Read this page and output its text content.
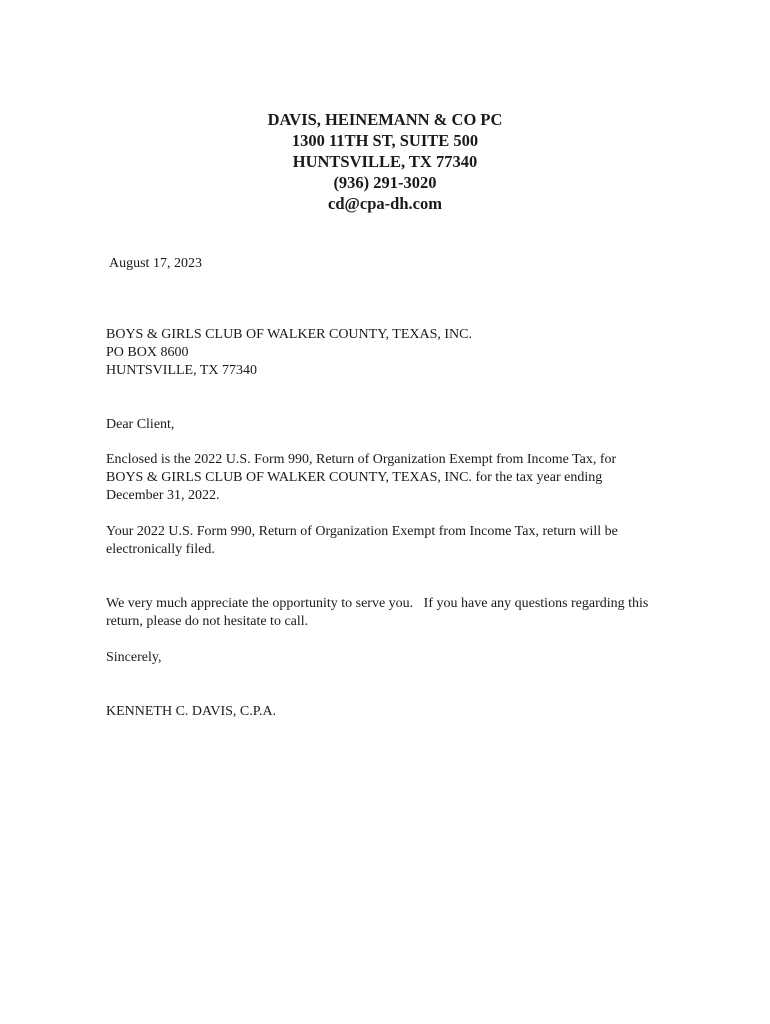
DAVIS, HEINEMANN & CO PC
1300 11TH ST, SUITE 500
HUNTSVILLE, TX 77340
(936) 291-3020
cd@cpa-dh.com
August 17, 2023
BOYS & GIRLS CLUB OF WALKER COUNTY, TEXAS, INC.
PO BOX 8600
HUNTSVILLE, TX 77340
Dear Client,
Enclosed is the 2022 U.S. Form 990, Return of Organization Exempt from Income Tax, for
BOYS & GIRLS CLUB OF WALKER COUNTY, TEXAS, INC. for the tax year ending
December 31, 2022.
Your 2022 U.S. Form 990, Return of Organization Exempt from Income Tax, return will be
electronically filed.
We very much appreciate the opportunity to serve you.   If you have any questions regarding this
return, please do not hesitate to call.
Sincerely,
KENNETH C. DAVIS, C.P.A.
